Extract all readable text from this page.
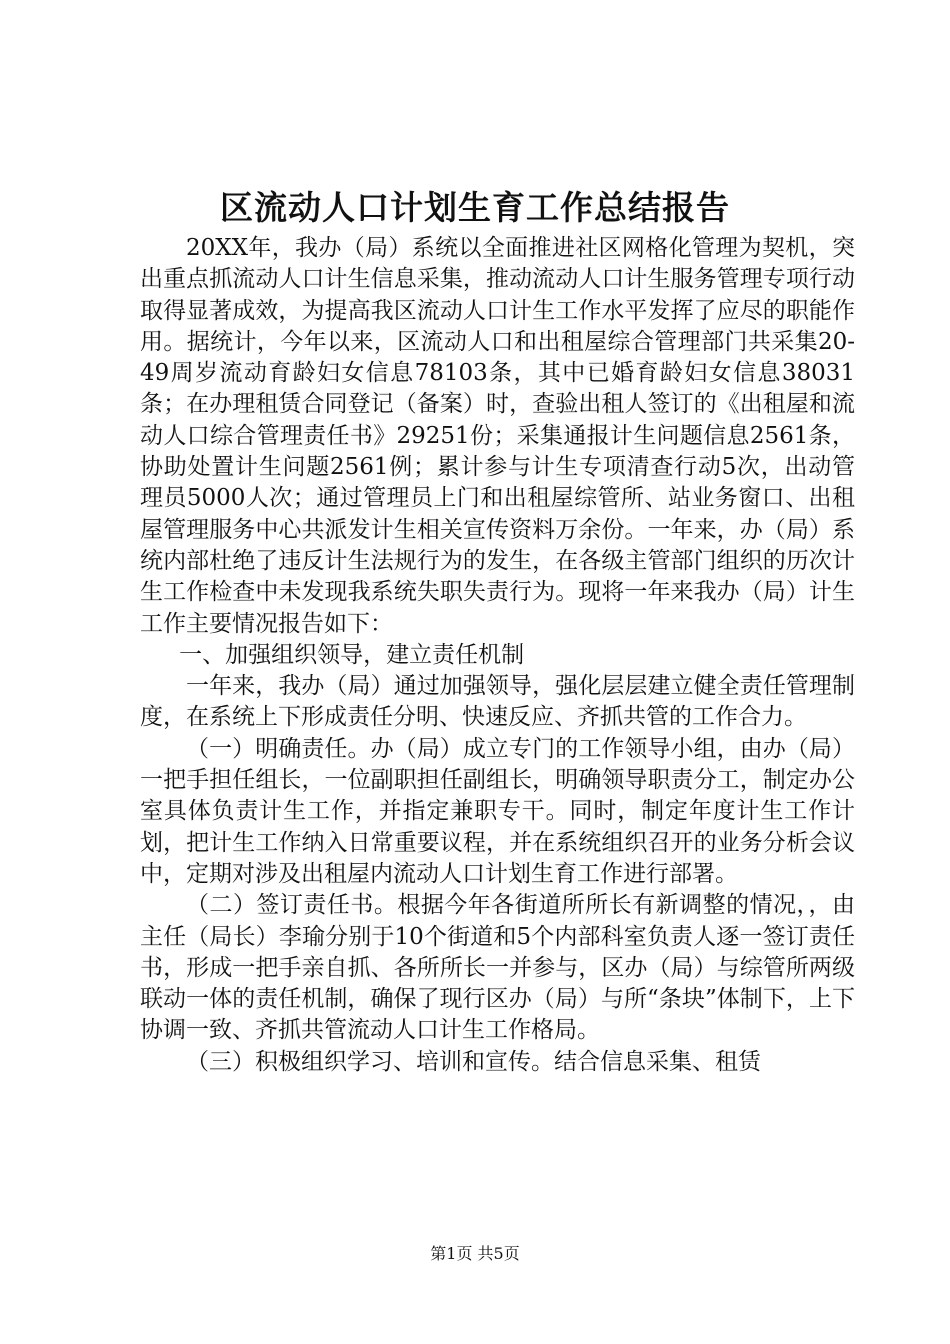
区流动人口计划生育工作总结报告

20XX年，我办（局）系统以全面推进社区网格化管理为契机，突出重点抓流动人口计生信息采集，推动流动人口计生服务管理专项行动取得显著成效，为提高我区流动人口计生工作水平发挥了应尽的职能作用。据统计，今年以来，区流动人口和出租屋综合管理部门共采集20-49周岁流动育龄妇女信息78103条，其中已婚育龄妇女信息38031条；在办理租赁合同登记（备案）时，查验出租人签订的《出租屋和流动人口综合管理责任书》29251份；采集通报计生问题信息2561条，协助处置计生问题2561例；累计参与计生专项清查行动5次，出动管理员5000人次；通过管理员上门和出租屋综管所、站业务窗口、出租屋管理服务中心共派发计生相关宣传资料万余份。一年来，办（局）系统内部杜绝了违反计生法规行为的发生，在各级主管部门组织的历次计生工作检查中未发现我系统失职失责行为。现将一年来我办（局）计生工作主要情况报告如下：

一、加强组织领导，建立责任机制

一年来，我办（局）通过加强领导，强化层层建立健全责任管理制度，在系统上下形成责任分明、快速反应、齐抓共管的工作合力。

（一）明确责任。办（局）成立专门的工作领导小组，由办（局）一把手担任组长，一位副职担任副组长，明确领导职责分工，制定办公室具体负责计生工作，并指定兼职专干。同时，制定年度计生工作计划，把计生工作纳入日常重要议程，并在系统组织召开的业务分析会议中，定期对涉及出租屋内流动人口计划生育工作进行部署。

（二）签订责任书。根据今年各街道所所长有新调整的情况，，由主任（局长）李瑜分别于10个街道和5个内部科室负责人逐一签订责任书，形成一把手亲自抓、各所所长一并参与，区办（局）与综管所两级联动一体的责任机制，确保了现行区办（局）与所“条块”体制下，上下协调一致、齐抓共管流动人口计生工作格局。

（三）积极组织学习、培训和宣传。结合信息采集、租赁

第1页 共5页
